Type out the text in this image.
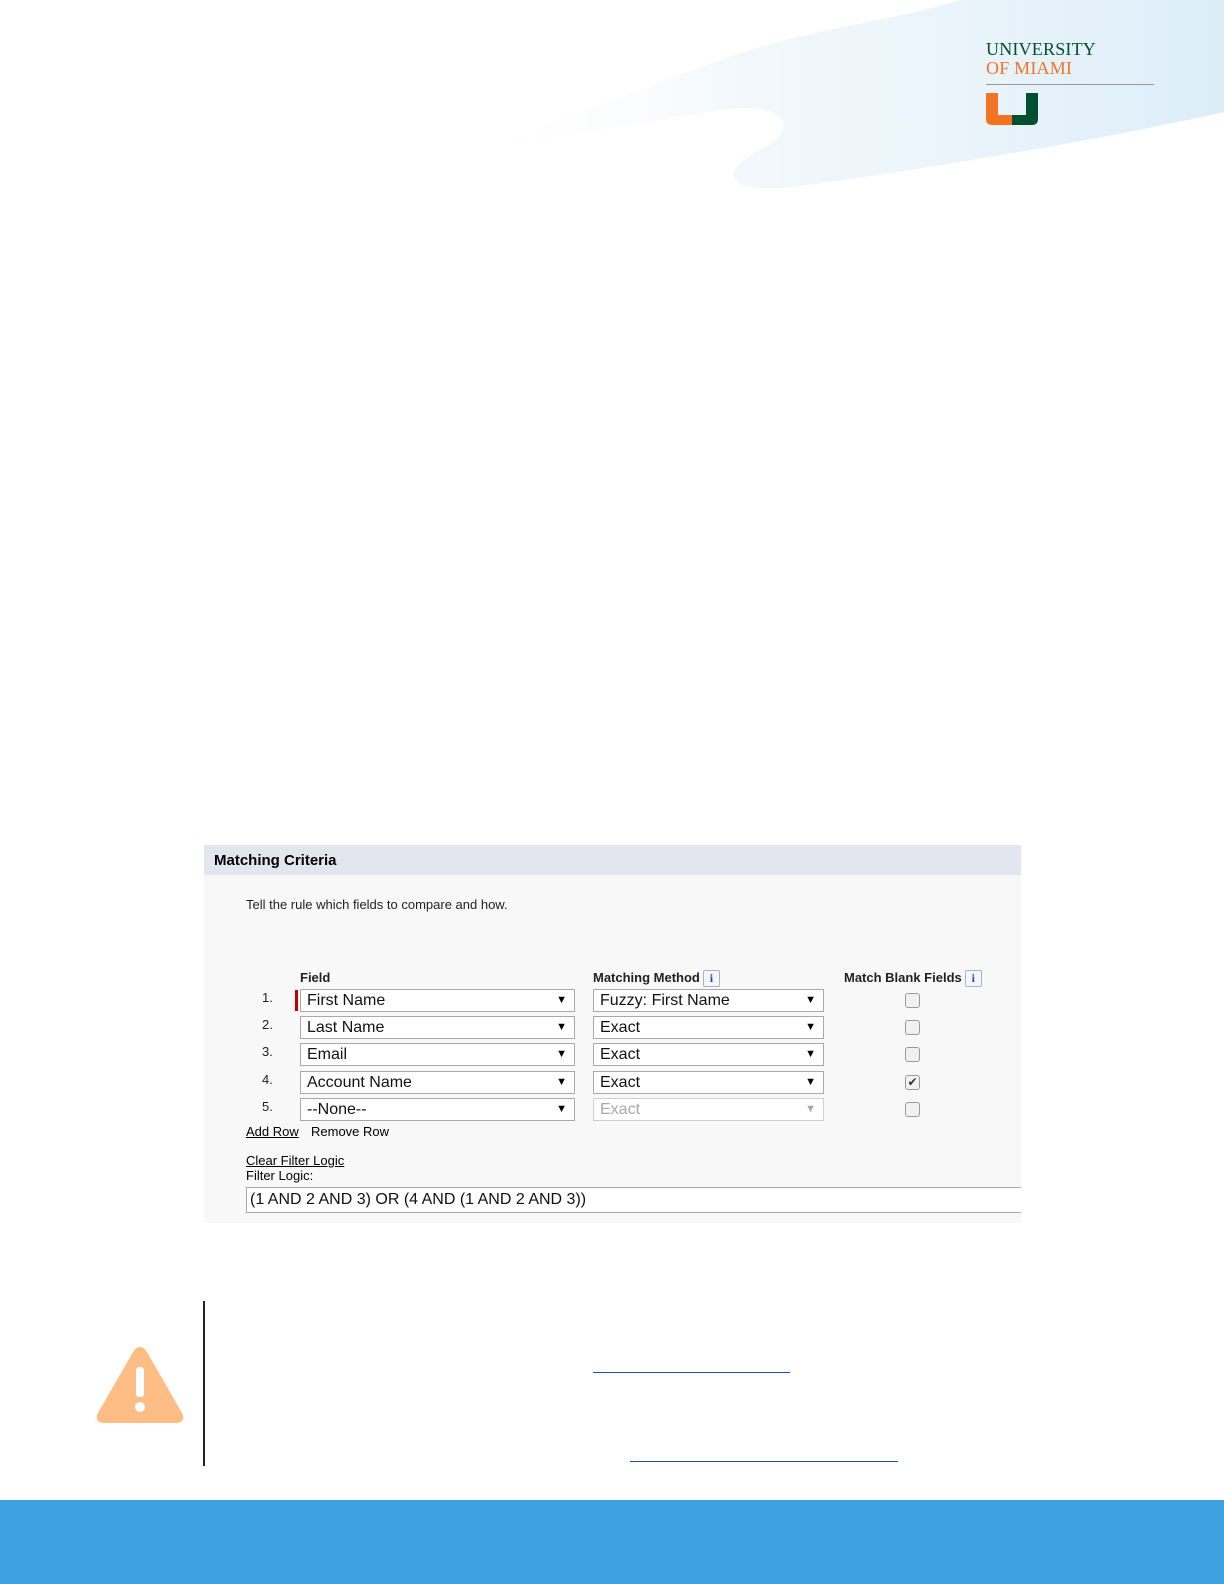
UNIVERSITY
OF MIAMI
Matching Criteria
Tell the rule which fields to compare and how.
Field	Matching Method i	Match Blank Fields i
1.	First Name	▼	Fuzzy: First Name	▼
2.	Last Name	▼	Exact	▼
3.	Email	▼	Exact	▼
4.	Account Name	▼	Exact	▼	✔
5.	--None--	▼	Exact	▼
Add Row Remove Row
Clear Filter Logic
Filter Logic:
(1 AND 2 AND 3) OR (4 AND (1 AND 2 AND 3))
